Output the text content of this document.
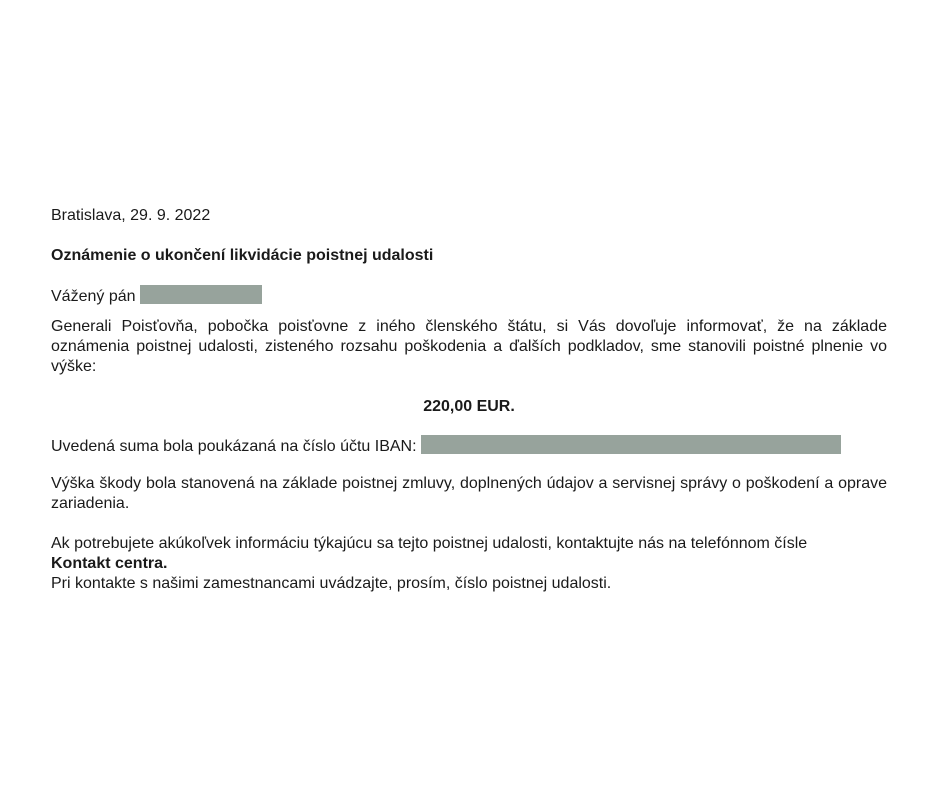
Bratislava, 29. 9. 2022
Oznámenie o ukončení likvidácie poistnej udalosti
Vážený pán
Generali Poisťovňa, pobočka poisťovne z iného členského štátu, si Vás dovoľuje informovať, že na základe oznámenia poistnej udalosti, zisteného rozsahu poškodenia a ďalších podkladov, sme stanovili poistné plnenie vo výške:
220,00 EUR.
Uvedená suma bola poukázaná na číslo účtu IBAN:
Výška škody bola stanovená na základe poistnej zmluvy, doplnených údajov a servisnej správy o poškodení a oprave zariadenia.
Ak potrebujete akúkoľvek informáciu týkajúcu sa tejto poistnej udalosti, kontaktujte nás na telefónnom čísle
Kontakt centra.
Pri kontakte s našimi zamestnancami uvádzajte, prosím, číslo poistnej udalosti.
